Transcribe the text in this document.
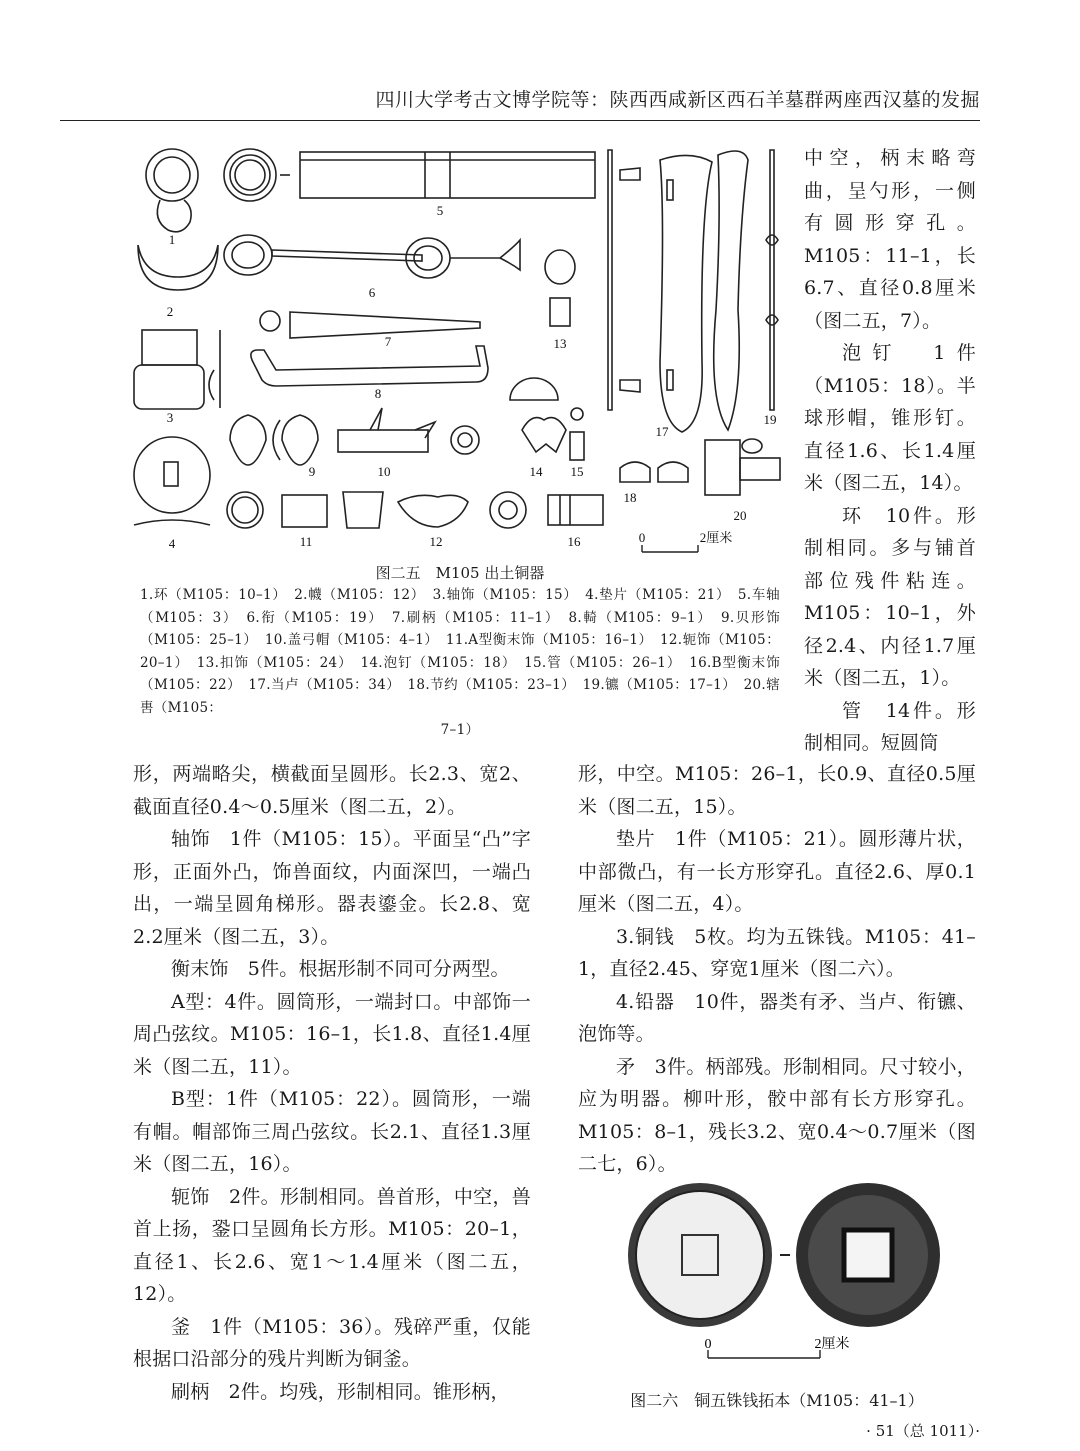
四川大学考古文博学院等：陕西西咸新区西石羊墓群两座西汉墓的发掘
1
2
3
4
5
6
7
8
9	10
11	12
13
14 15
16
17
18
19
20
0	2厘米
图二五　M105 出土铜器
1.环（M105：10–1）　2.幭（M105：12）　3.轴饰（M105：15）　4.垫片（M105：21）　5.车轴（M105：3）　6.衔（M105：19）　7.刷柄（M105：11–1）　8.輢（M105：9–1）　9.贝形饰（M105：25–1）　10.盖弓帽（M105：4–1）　11.A型衡末饰（M105：16–1）　12.轭饰（M105：20–1）　13.扣饰（M105：24）　14.泡钉（M105：18）　15.管（M105：26–1）　16.B型衡末饰（M105：22）　17.当卢（M105：34）　18.节约（M105：23–1）　19.镳（M105：17–1）　20.辖軎（M105：
7–1）

中空，柄末略弯曲，呈勺形，一侧有圆形穿孔。M105：11–1，长6.7、直径0.8厘米（图二五，7）。

泡钉　1件（M105：18）。半球形帽，锥形钉。直径1.6、长1.4厘米（图二五，14）。

环　10件。形制相同。多与铺首部位残件粘连。M105：10–1，外径2.4、内径1.7厘米（图二五，1）。

管　14件。形制相同。短圆筒

形，两端略尖，横截面呈圆形。长2.3、宽2、截面直径0.4～0.5厘米（图二五，2）。

轴饰　1件（M105：15）。平面呈“凸”字形，正面外凸，饰兽面纹，内面深凹，一端凸出，一端呈圆角梯形。器表鎏金。长2.8、宽2.2厘米（图二五，3）。

衡末饰　5件。根据形制不同可分两型。

A型：4件。圆筒形，一端封口。中部饰一周凸弦纹。M105：16–1，长1.8、直径1.4厘米（图二五，11）。

B型：1件（M105：22）。圆筒形，一端有帽。帽部饰三周凸弦纹。长2.1、直径1.3厘米（图二五，16）。

轭饰　2件。形制相同。兽首形，中空，兽首上扬，銎口呈圆角长方形。M105：20–1，直径1、长2.6、宽1～1.4厘米（图二五，12）。

釜　1件（M105：36）。残碎严重，仅能根据口沿部分的残片判断为铜釜。

刷柄　2件。均残，形制相同。锥形柄，

形，中空。M105：26–1，长0.9、直径0.5厘米（图二五，15）。

垫片　1件（M105：21）。圆形薄片状，中部微凸，有一长方形穿孔。直径2.6、厚0.1厘米（图二五，4）。

3.铜钱　5枚。均为五铢钱。M105：41–1，直径2.45、穿宽1厘米（图二六）。

4.铅器　10件，器类有矛、当卢、衔镳、泡饰等。

矛　3件。柄部残。形制相同。尺寸较小，应为明器。柳叶形，骹中部有长方形穿孔。M105：8–1，残长3.2、宽0.4～0.7厘米（图二七，6）。

0	2厘米
图二六　铜五铢钱拓本（M105：41–1）
· 51（总 1011）·
